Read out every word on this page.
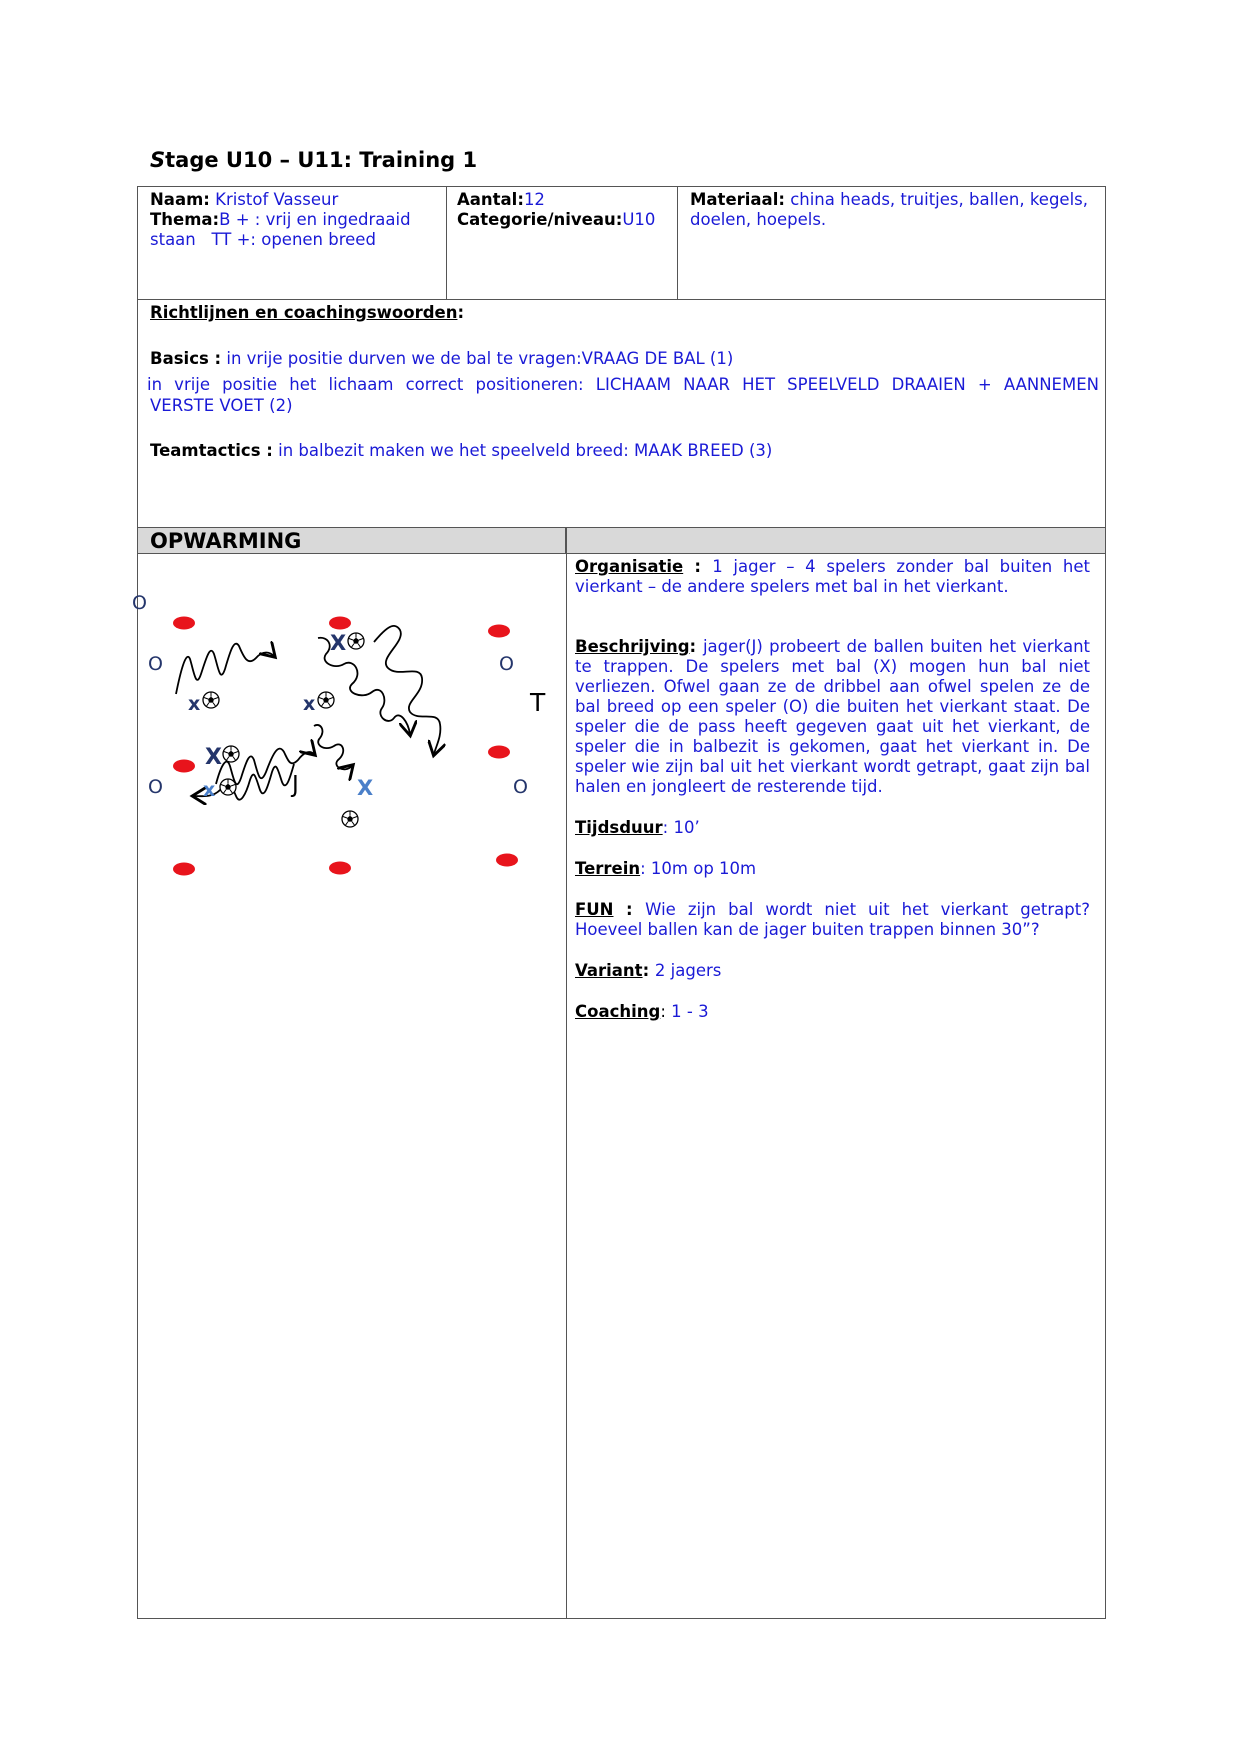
Stage U10 – U11: Training 1
Naam: Kristof Vasseur
Thema:B + : vrij en ingedraaid
staan   TT +: openen breed
Aantal:12
Categorie/niveau:U10
Materiaal: china heads, truitjes, ballen, kegels,
doelen, hoepels.
Richtlijnen en coachingswoorden:
Basics : in vrije positie durven we de bal te vragen:VRAAG DE BAL (1)
in vrije positie het lichaam correct positioneren: LICHAAM NAAR HET SPEELVELD DRAAIEN + AANNEMEN
VERSTE VOET (2)
Teamtactics : in balbezit maken we het speelveld breed: MAAK BREED (3)
OPWARMING
O
O	O
O	O
X
x	x
X
x	X
J
T

Organisatie : 1 jager – 4 spelers zonder bal buiten het vierkant – de andere spelers met bal in het vierkant.

Beschrijving: jager(J) probeert de ballen buiten het vierkant te trappen. De spelers met bal (X) mogen hun bal niet verliezen. Ofwel gaan ze de dribbel aan ofwel spelen ze de bal breed op een speler (O) die buiten het vierkant staat. De speler die de pass heeft gegeven gaat uit het vierkant, de speler die in balbezit is gekomen, gaat het vierkant in. De speler wie zijn bal uit het vierkant wordt getrapt, gaat zijn bal halen en jongleert de resterende tijd.

Tijdsduur: 10’

Terrein: 10m op 10m

FUN : Wie zijn bal wordt niet uit het vierkant getrapt? Hoeveel ballen kan de jager buiten trappen binnen 30”?

Variant: 2 jagers

Coaching: 1 - 3
